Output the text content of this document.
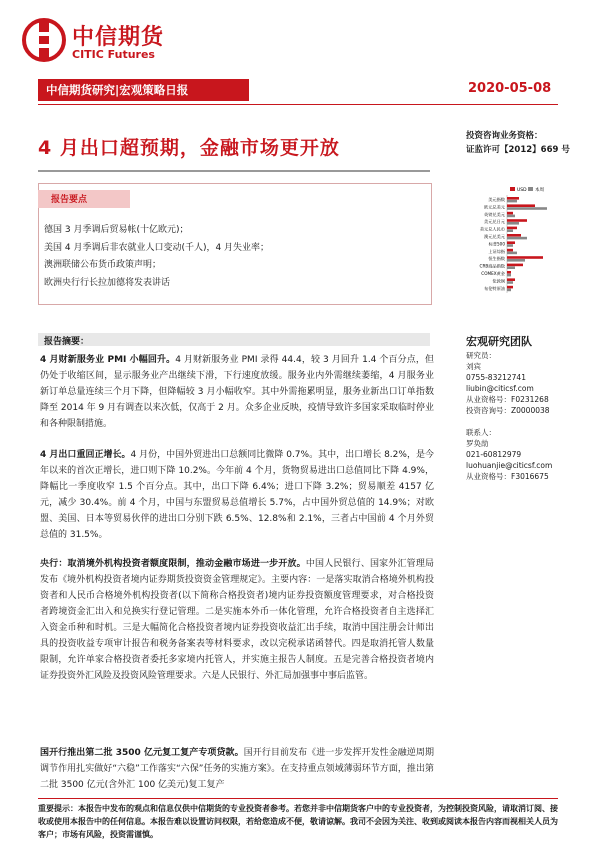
中信期货
CITIC Futures
中信期货研究|宏观策略日报	2020-05-08
4 月出口超预期，金融市场更开放
投资咨询业务资格：
证监许可【2012】669 号
报告要点
德国 3 月季调后贸易帐(十亿欧元)；
美国 4 月季调后非农就业人口变动(千人)，4 月失业率；
澳洲联储公布货币政策声明；
欧洲央行行长拉加德将发表讲话
USD 本周
美元指数
欧元兑美元
英镑兑美元
美元兑日元
美元兑人民币
澳元兑美元
标普500
上证综指
恒生指数
CRB商品指数
COMEX黄金
伦敦铜
布伦特原油
报告摘要：
4 月财新服务业 PMI 小幅回升。4 月财新服务业 PMI 录得 44.4，较 3 月回升 1.4 个百分点，但仍处于收缩区间，显示服务业产出继续下滑，下行速度放缓。服务业内外需继续萎缩，4 月服务业新订单总量连续三个月下降，但降幅较 3 月小幅收窄。其中外需拖累明显，服务业新出口订单指数降至 2014 年 9 月有调查以来次低，仅高于 2 月。众多企业反映，疫情导致许多国家采取临时停业和各种限制措施。
4 月出口重回正增长。4 月份，中国外贸进出口总额同比微降 0.7%。其中，出口增长 8.2%，是今年以来的首次正增长，进口则下降 10.2%。今年前 4 个月，货物贸易进出口总值同比下降 4.9%，降幅比一季度收窄 1.5 个百分点。其中，出口下降 6.4%；进口下降 3.2%；贸易顺差 4157 亿元，减少 30.4%。前 4 个月，中国与东盟贸易总值增长 5.7%，占中国外贸总值的 14.9%；对欧盟、美国、日本等贸易伙伴的进出口分别下跌 6.5%、12.8%和 2.1%，三者占中国前 4 个月外贸总值的 31.5%。
央行：取消境外机构投资者额度限制，推动金融市场进一步开放。中国人民银行、国家外汇管理局发布《境外机构投资者境内证券期货投资资金管理规定》。主要内容：一是落实取消合格境外机构投资者和人民币合格境外机构投资者(以下简称合格投资者)境内证券投资额度管理要求，对合格投资者跨境资金汇出入和兑换实行登记管理。二是实施本外币一体化管理，允许合格投资者自主选择汇入资金币种和时机。三是大幅简化合格投资者境内证券投资收益汇出手续，取消中国注册会计师出具的投资收益专项审计报告和税务备案表等材料要求，改以完税承诺函替代。四是取消托管人数量限制，允许单家合格投资者委托多家境内托管人，并实施主报告人制度。五是完善合格投资者境内证券投资外汇风险及投资风险管理要求。六是人民银行、外汇局加强事中事后监管。
国开行推出第二批 3500 亿元复工复产专项贷款。国开行目前发布《进一步发挥开发性金融逆周期调节作用扎实做好“六稳”工作落实“六保”任务的实施方案》。在支持重点领域薄弱环节方面，推出第二批 3500 亿元(含外汇 100 亿美元)复工复产
宏观研究团队
研究员：
刘宾
0755-83212741
liubin@citicsf.com
从业资格号：F0231268
投资咨询号：Z0000038
联系人：
罗奂劼
021-60812979
luohuanjie@citicsf.com
从业资格号：F3016675
重要提示：本报告中发布的观点和信息仅供中信期货的专业投资者参考。若您并非中信期货客户中的专业投资者，为控制投资风险，请取消订阅、接收或使用本报告中的任何信息。本报告难以设置访问权限，若给您造成不便，敬请谅解。我司不会因为关注、收到或阅读本报告内容而视相关人员为客户；市场有风险，投资需谨慎。
